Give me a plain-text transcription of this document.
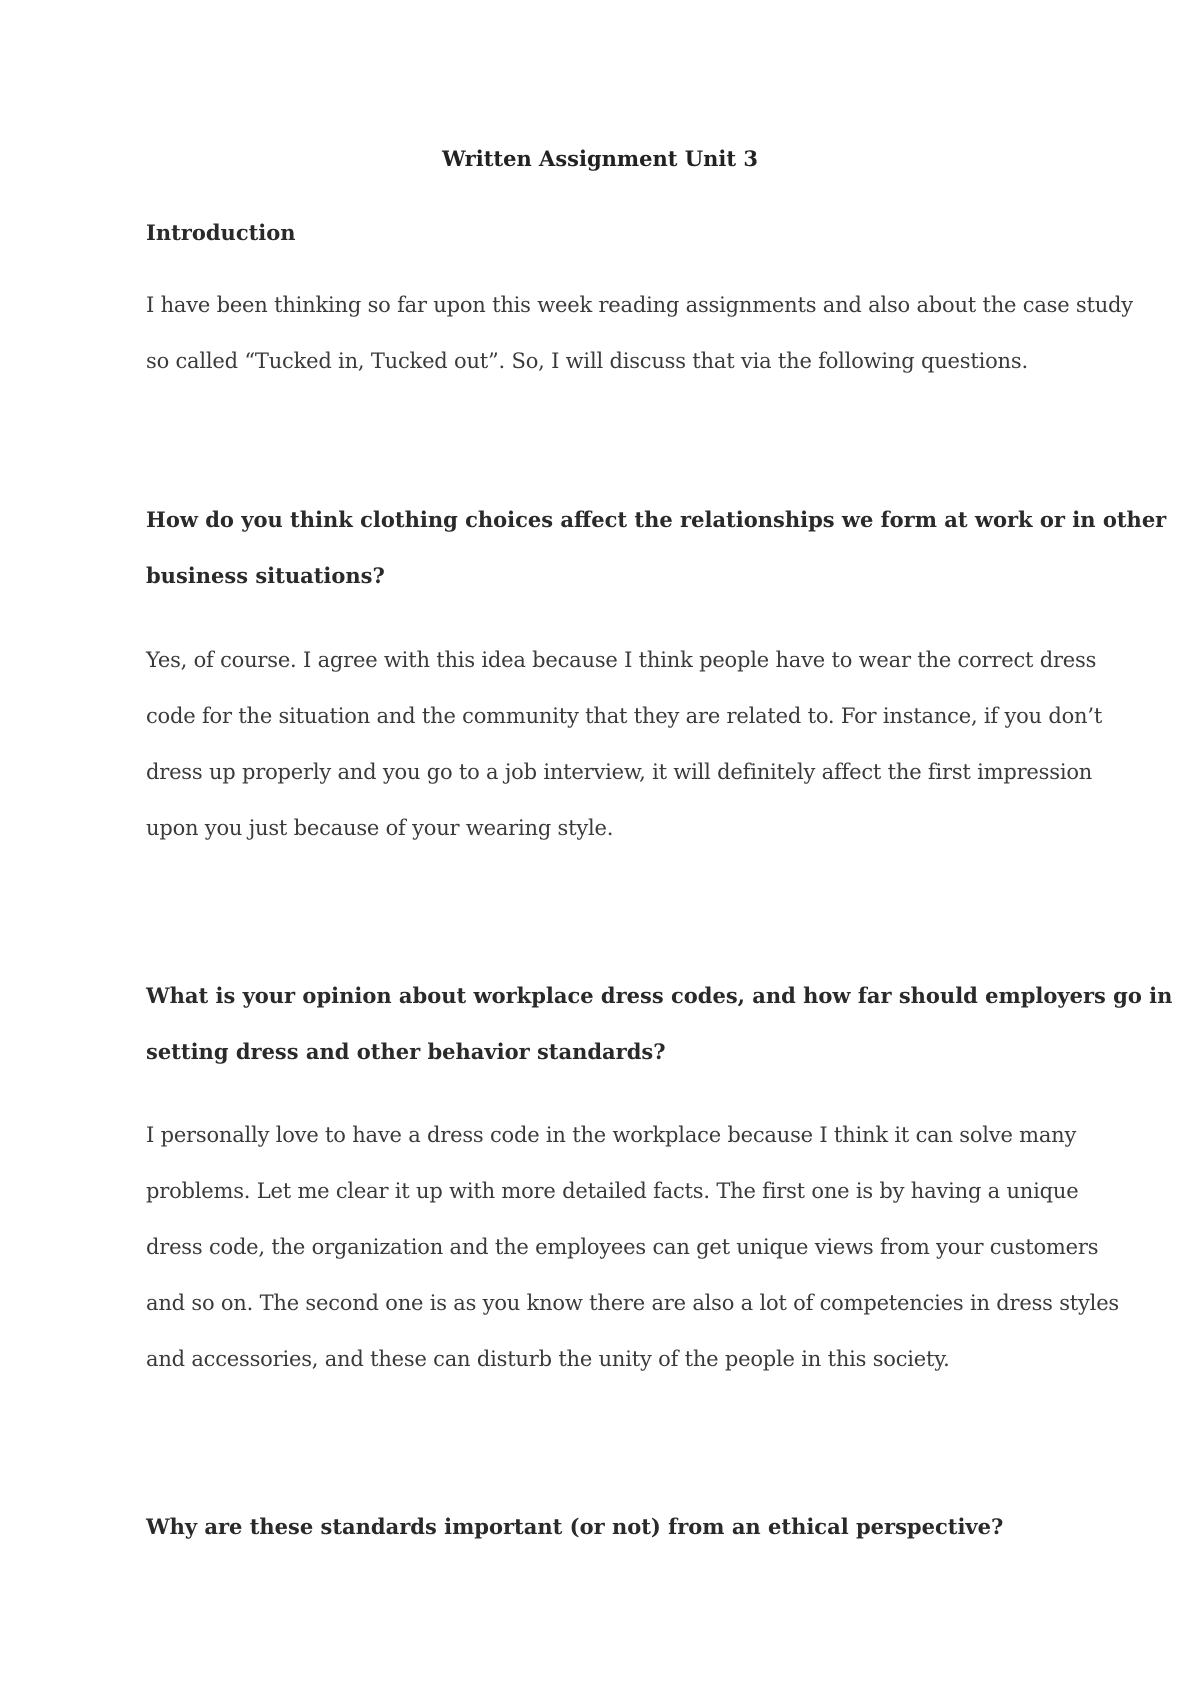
Written Assignment Unit 3
Introduction
I have been thinking so far upon this week reading assignments and also about the case study
so called “Tucked in, Tucked out”. So, I will discuss that via the following questions.
How do you think clothing choices affect the relationships we form at work or in other
business situations?
Yes, of course. I agree with this idea because I think people have to wear the correct dress
code for the situation and the community that they are related to. For instance, if you don’t
dress up properly and you go to a job interview, it will definitely affect the first impression
upon you just because of your wearing style.
What is your opinion about workplace dress codes, and how far should employers go in
setting dress and other behavior standards?
I personally love to have a dress code in the workplace because I think it can solve many
problems. Let me clear it up with more detailed facts. The first one is by having a unique
dress code, the organization and the employees can get unique views from your customers
and so on. The second one is as you know there are also a lot of competencies in dress styles
and accessories, and these can disturb the unity of the people in this society.
Why are these standards important (or not) from an ethical perspective?
